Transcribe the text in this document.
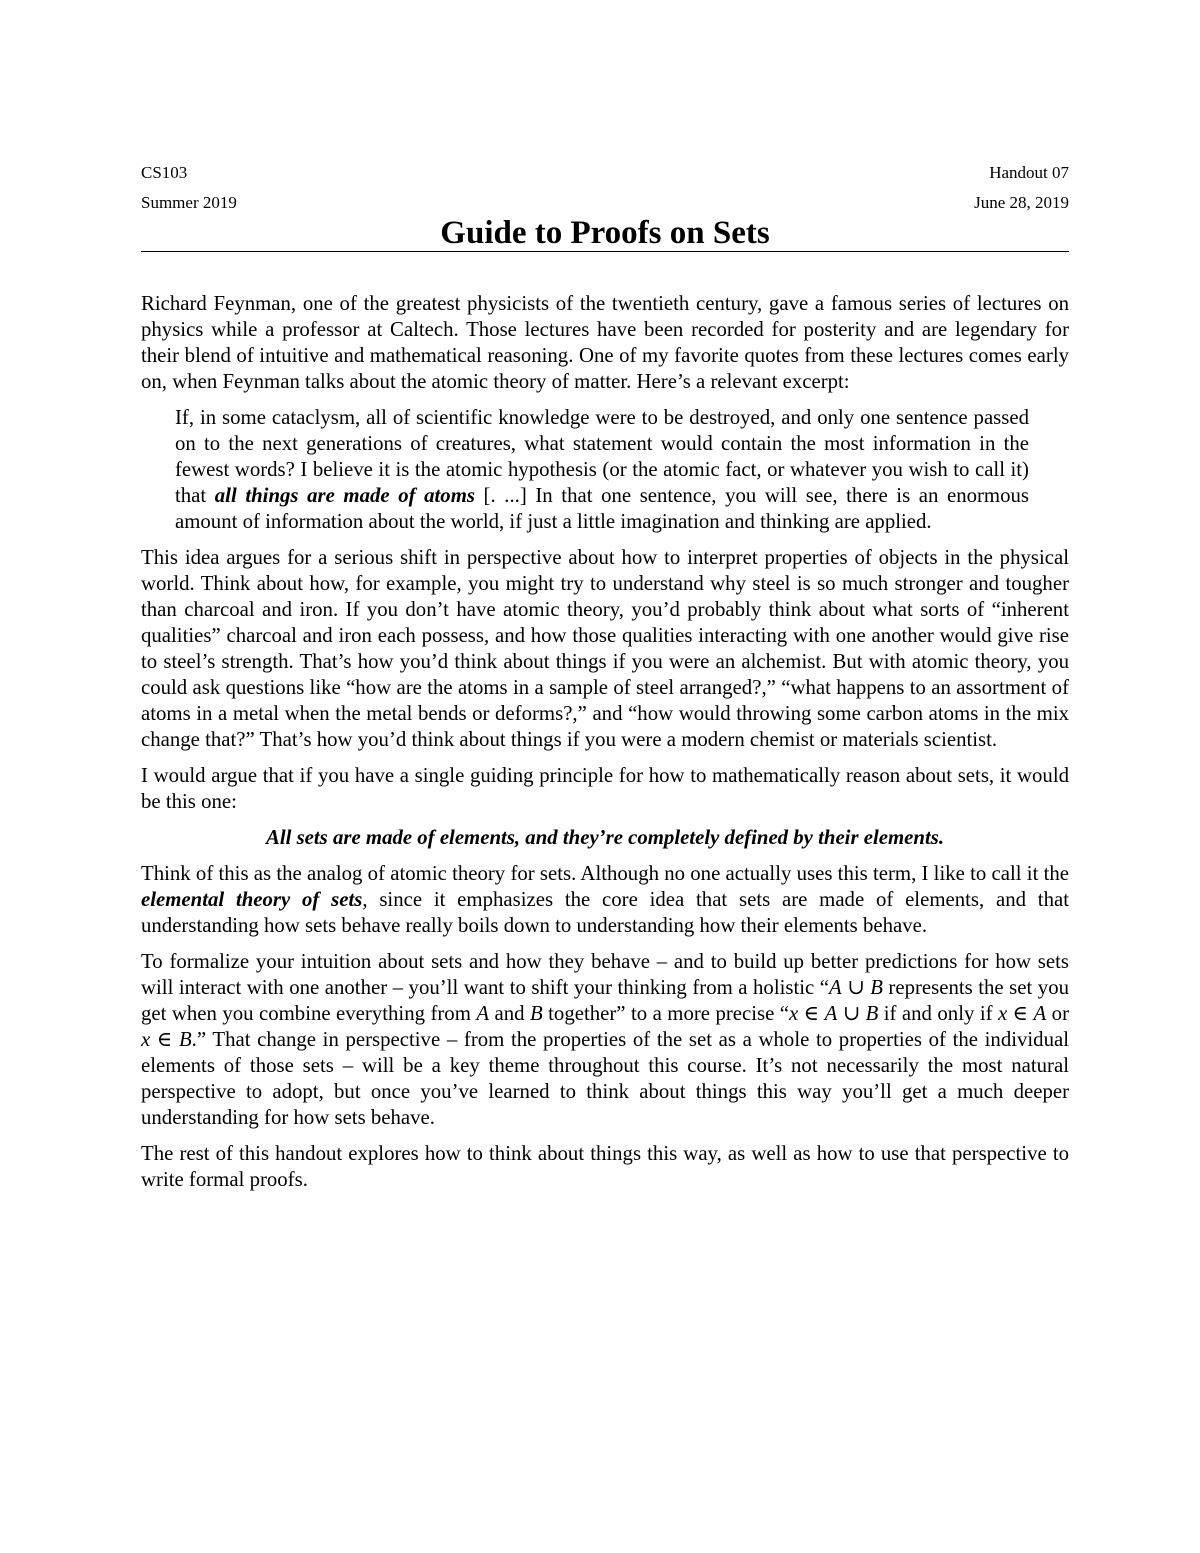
CS103	Handout 07
Summer 2019	June 28, 2019
Guide to Proofs on Sets

Richard Feynman, one of the greatest physicists of the twentieth century, gave a famous series of lectures on physics while a professor at Caltech. Those lectures have been recorded for posterity and are legendary for their blend of intuitive and mathematical reasoning. One of my favorite quotes from these lectures comes early on, when Feynman talks about the atomic theory of matter. Here’s a relevant excerpt:

If, in some cataclysm, all of scientific knowledge were to be destroyed, and only one sentence passed on to the next generations of creatures, what statement would contain the most information in the fewest words? I believe it is the atomic hypothesis (or the atomic fact, or whatever you wish to call it) that all things are made of atoms [. ...] In that one sentence, you will see, there is an enormous amount of information about the world, if just a little imagination and thinking are applied.

This idea argues for a serious shift in perspective about how to interpret properties of objects in the physical world. Think about how, for example, you might try to understand why steel is so much stronger and tougher than charcoal and iron. If you don’t have atomic theory, you’d probably think about what sorts of “inherent qualities” charcoal and iron each possess, and how those qualities interacting with one another would give rise to steel’s strength. That’s how you’d think about things if you were an alchemist. But with atomic theory, you could ask questions like “how are the atoms in a sample of steel arranged?,” “what happens to an assortment of atoms in a metal when the metal bends or deforms?,” and “how would throwing some carbon atoms in the mix change that?” That’s how you’d think about things if you were a modern chemist or materials scientist.

I would argue that if you have a single guiding principle for how to mathematically reason about sets, it would be this one:

All sets are made of elements, and they’re completely defined by their elements.

Think of this as the analog of atomic theory for sets. Although no one actually uses this term, I like to call it the elemental theory of sets, since it emphasizes the core idea that sets are made of elements, and that understanding how sets behave really boils down to understanding how their elements behave.

To formalize your intuition about sets and how they behave – and to build up better predictions for how sets will interact with one another – you’ll want to shift your thinking from a holistic “A ∪ B represents the set you get when you combine everything from A and B together” to a more precise “x ∈ A ∪ B if and only if x ∈ A or x ∈ B.” That change in perspective – from the properties of the set as a whole to properties of the individual elements of those sets – will be a key theme throughout this course. It’s not necessarily the most natural perspective to adopt, but once you’ve learned to think about things this way you’ll get a much deeper understanding for how sets behave.

The rest of this handout explores how to think about things this way, as well as how to use that perspective to write formal proofs.
